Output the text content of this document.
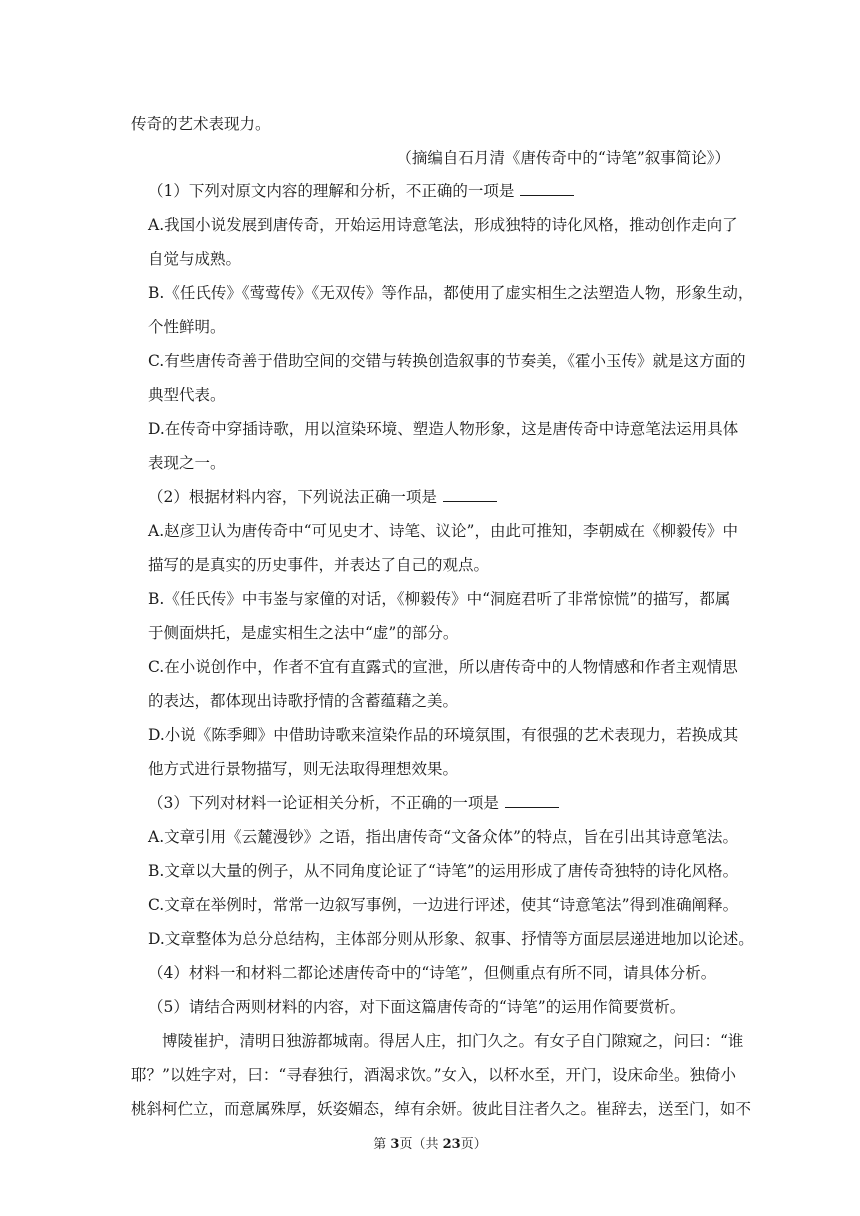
传奇的艺术表现力。
（摘编自石月清《唐传奇中的“诗笔”叙事简论》）
（1）下列对原文内容的理解和分析，不正确的一项是
A.我国小说发展到唐传奇，开始运用诗意笔法，形成独特的诗化风格，推动创作走向了
自觉与成熟。
B.《任氏传》《莺莺传》《无双传》等作品，都使用了虚实相生之法塑造人物，形象生动，
个性鲜明。
C.有些唐传奇善于借助空间的交错与转换创造叙事的节奏美，《霍小玉传》就是这方面的
典型代表。
D.在传奇中穿插诗歌，用以渲染环境、塑造人物形象，这是唐传奇中诗意笔法运用具体
表现之一。
（2）根据材料内容，下列说法正确一项是
A.赵彦卫认为唐传奇中“可见史才、诗笔、议论”，由此可推知，李朝威在《柳毅传》中
描写的是真实的历史事件，并表达了自己的观点。
B.《任氏传》中韦崟与家僮的对话，《柳毅传》中“洞庭君听了非常惊慌”的描写，都属
于侧面烘托，是虚实相生之法中“虚”的部分。
C.在小说创作中，作者不宜有直露式的宣泄，所以唐传奇中的人物情感和作者主观情思
的表达，都体现出诗歌抒情的含蓄蕴藉之美。
D.小说《陈季卿》中借助诗歌来渲染作品的环境氛围，有很强的艺术表现力，若换成其
他方式进行景物描写，则无法取得理想效果。
（3）下列对材料一论证相关分析，不正确的一项是
A.文章引用《云麓漫钞》之语，指出唐传奇“文备众体”的特点，旨在引出其诗意笔法。
B.文章以大量的例子，从不同角度论证了“诗笔”的运用形成了唐传奇独特的诗化风格。
C.文章在举例时，常常一边叙写事例，一边进行评述，使其“诗意笔法”得到准确阐释。
D.文章整体为总分总结构，主体部分则从形象、叙事、抒情等方面层层递进地加以论述。
（4）材料一和材料二都论述唐传奇中的“诗笔”，但侧重点有所不同，请具体分析。
（5）请结合两则材料的内容，对下面这篇唐传奇的“诗笔”的运用作简要赏析。
博陵崔护，清明日独游都城南。得居人庄，扣门久之。有女子自门隙窥之，问曰：“谁
耶？”以姓字对，曰：“寻春独行，酒渴求饮。”女入，以杯水至，开门，设床命坐。独倚小
桃斜柯伫立，而意属殊厚，妖姿媚态，绰有余妍。彼此目注者久之。崔辞去，送至门，如不
第 3页（共 23页）
